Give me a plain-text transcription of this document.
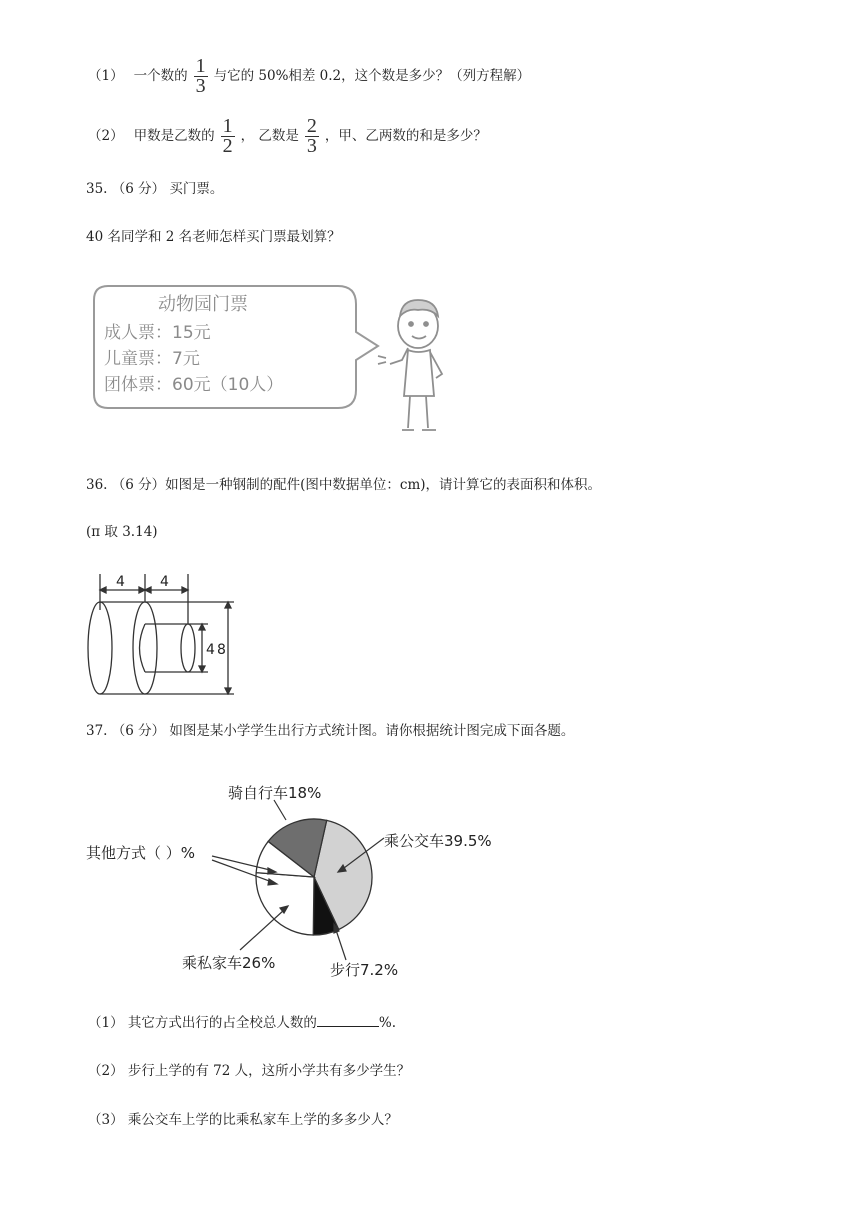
（1） 一个数的 $\frac{1}{3}$ 与它的 50%相差 0.2，这个数是多少？（列方程解）
（2） 甲数是乙数的 $\frac{1}{2}$ ， 乙数是 $\frac{2}{3}$ ，甲、乙两数的和是多少？
35. （6 分） 买门票。
40 名同学和 2 名老师怎样买门票最划算？
动物园门票
成人票：15元
儿童票：7元
团体票：60元（10人）
36. （6 分）如图是一种钢制的配件(图中数据单位：cm)，请计算它的表面积和体积。
(π 取 3.14)
4	4
4 8
37. （6 分） 如图是某小学学生出行方式统计图。请你根据统计图完成下面各题。
骑自行车18%
乘公交车39.5%
其他方式（ ）%
乘私家车26%	步行7.2%
（1） 其它方式出行的占全校总人数的	%.
（2） 步行上学的有 72 人，这所小学共有多少学生？
（3） 乘公交车上学的比乘私家车上学的多多少人？
